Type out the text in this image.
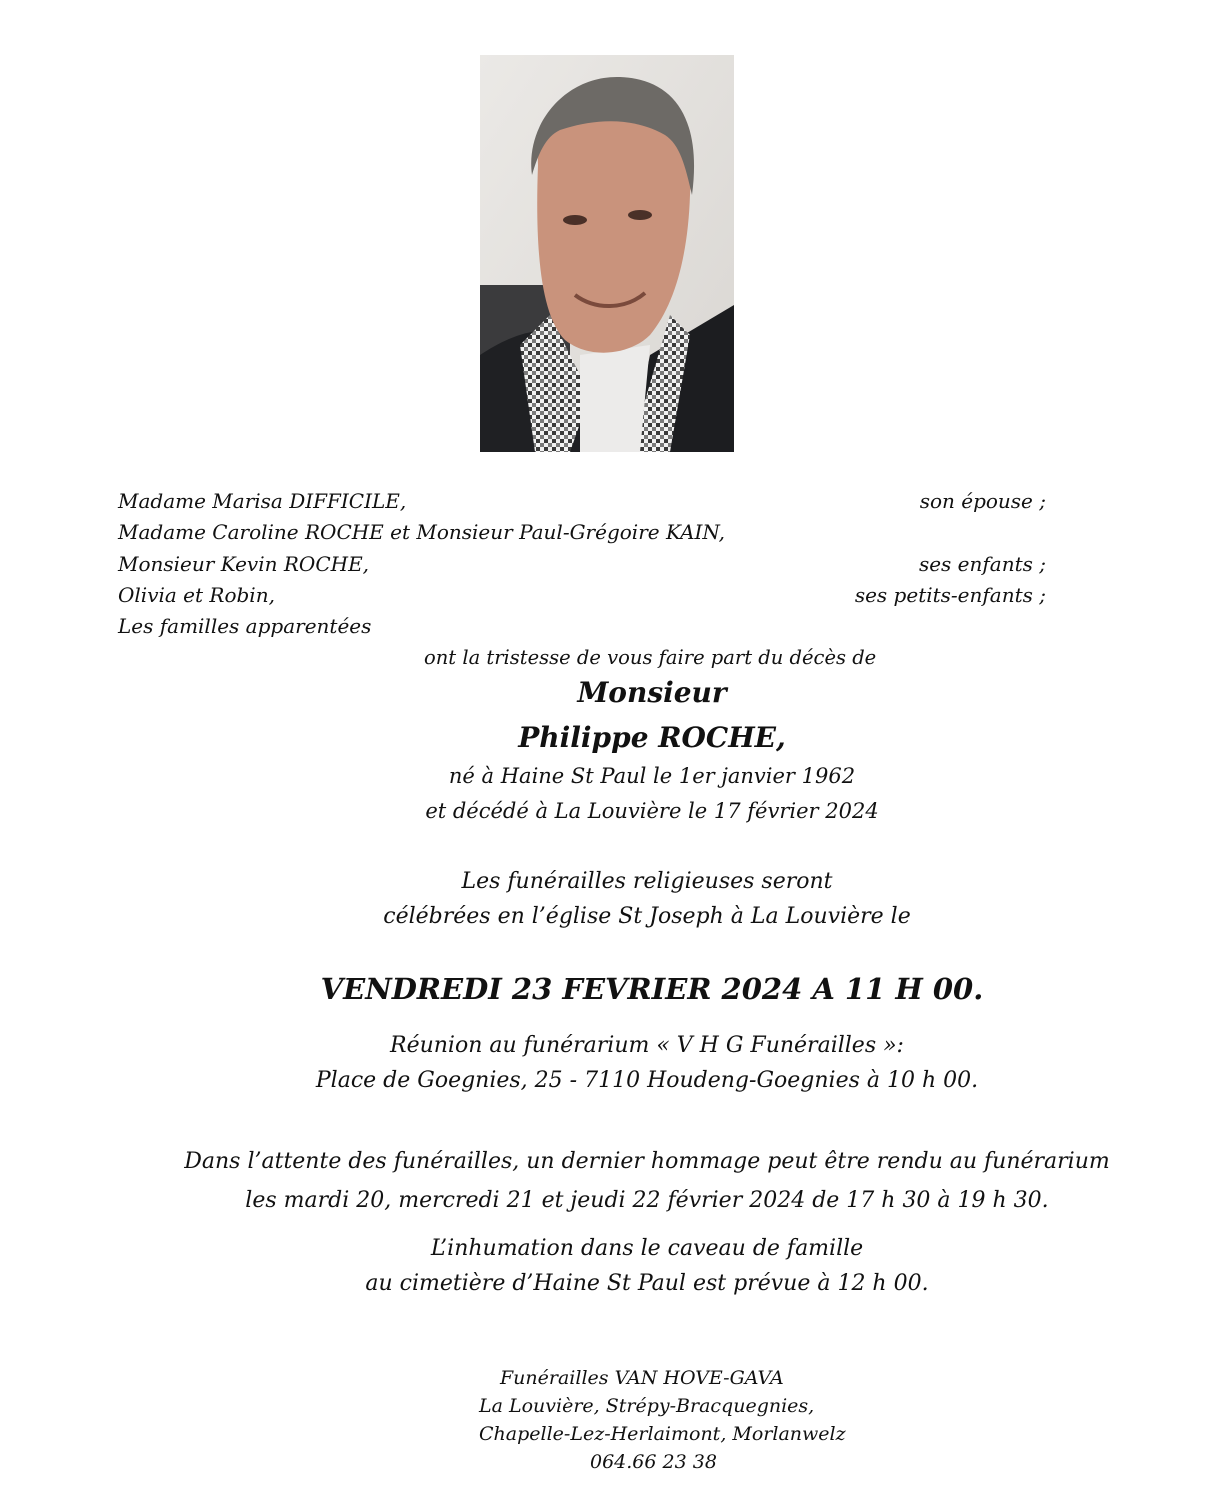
Madame Marisa DIFFICILE,	son épouse ;
Madame Caroline ROCHE et Monsieur Paul-Grégoire KAIN,
Monsieur Kevin ROCHE,	ses enfants ;
Olivia et Robin,	ses petits-enfants ;
Les familles apparentées
ont la tristesse de vous faire part du décès de
Monsieur
Philippe ROCHE,
né à Haine St Paul le 1er janvier 1962
et décédé à La Louvière le 17 février 2024
Les funérailles religieuses seront
célébrées en l’église St Joseph à La Louvière le
VENDREDI 23 FEVRIER 2024 A 11 H 00.
Réunion au funérarium « V H G Funérailles »:
Place de Goegnies, 25 - 7110 Houdeng-Goegnies à 10 h 00.
Dans l’attente des funérailles, un dernier hommage peut être rendu au funérarium
les mardi 20, mercredi 21 et jeudi 22 février 2024 de 17 h 30 à 19 h 30.
L’inhumation dans le caveau de famille
au cimetière d’Haine St Paul est prévue à 12 h 00.
Funérailles VAN HOVE-GAVA
La Louvière, Strépy-Bracquegnies,
Chapelle-Lez-Herlaimont, Morlanwelz
064.66 23 38
